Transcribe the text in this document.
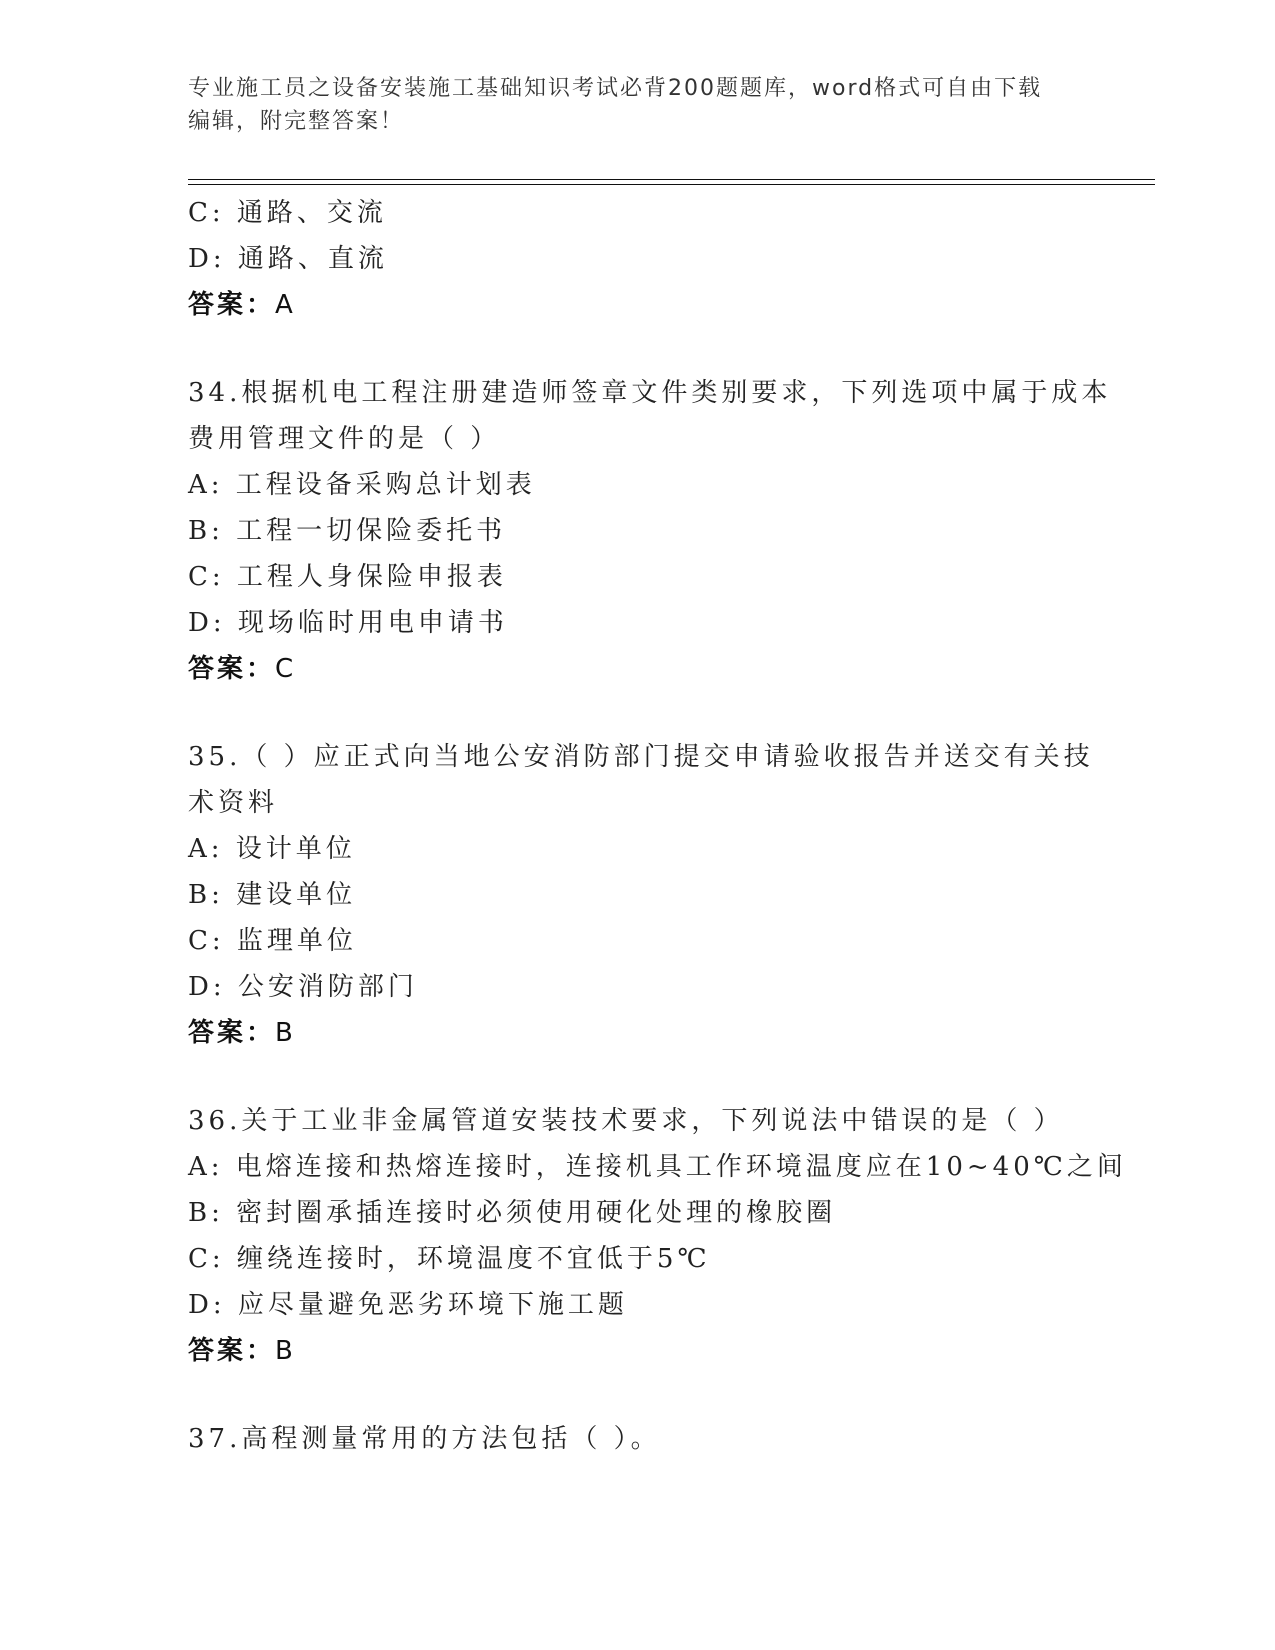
专业施工员之设备安装施工基础知识考试必背200题题库，word格式可自由下载
编辑，附完整答案！
C: 通路、交流
D: 通路、直流
答案：A
34.根据机电工程注册建造师签章文件类别要求，下列选项中属于成本
费用管理文件的是（ ）
A: 工程设备采购总计划表
B: 工程一切保险委托书
C: 工程人身保险申报表
D: 现场临时用电申请书
答案：C
35.（ ）应正式向当地公安消防部门提交申请验收报告并送交有关技
术资料
A: 设计单位
B: 建设单位
C: 监理单位
D: 公安消防部门
答案：B
36.关于工业非金属管道安装技术要求，下列说法中错误的是（ ）
A: 电熔连接和热熔连接时，连接机具工作环境温度应在10~40℃之间
B: 密封圈承插连接时必须使用硬化处理的橡胶圈
C: 缠绕连接时，环境温度不宜低于5℃
D: 应尽量避免恶劣环境下施工题
答案：B
37.高程测量常用的方法包括（ ）。
